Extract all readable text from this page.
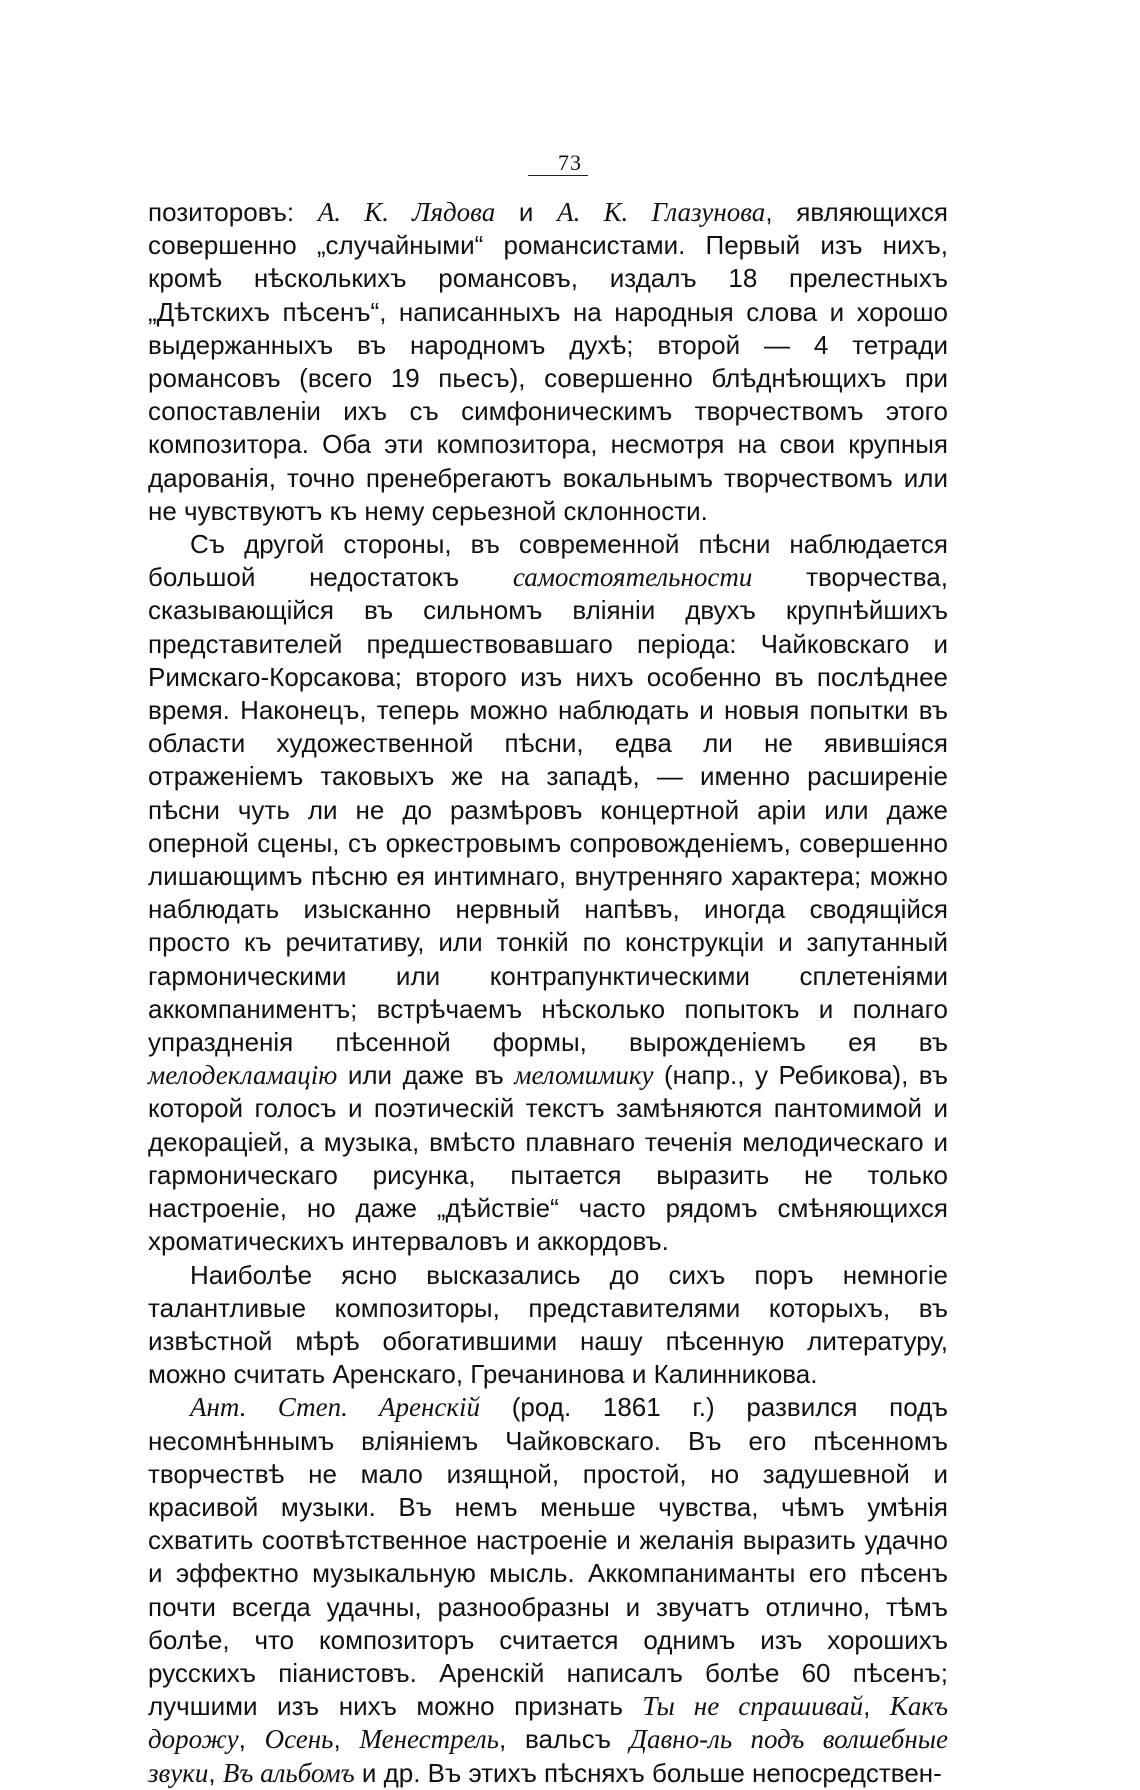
73

позиторовъ: А. К. Лядова и А. К. Глазунова, являющихся совершенно „случайными“ романсистами. Первый изъ нихъ, кромѣ нѣсколькихъ романсовъ, издалъ 18 прелестныхъ „Дѣтскихъ пѣсенъ“, написанныхъ на народныя слова и хорошо выдержанныхъ въ народномъ духѣ; второй — 4 тетради романсовъ (всего 19 пьесъ), совершенно блѣднѣющихъ при сопоставленіи ихъ съ симфоническимъ творчествомъ этого композитора. Оба эти композитора, несмотря на свои крупныя дарованія, точно пренебрегаютъ вокальнымъ творчествомъ или не чувствуютъ къ нему серьезной склонности.

Съ другой стороны, въ современной пѣсни наблюдается большой недостатокъ самостоятельности творчества, сказывающійся въ сильномъ вліяніи двухъ крупнѣйшихъ представителей предшествовавшаго періода: Чайковскаго и Римскаго-Корсакова; второго изъ нихъ особенно въ послѣднее время. Наконецъ, теперь можно наблюдать и новыя попытки въ области художественной пѣсни, едва ли не явившіяся отраженіемъ таковыхъ же на западѣ, — именно расширеніе пѣсни чуть ли не до размѣровъ концертной аріи или даже оперной сцены, съ оркестровымъ сопровожденіемъ, совершенно лишающимъ пѣсню ея интимнаго, внутренняго характера; можно наблюдать изысканно нервный напѣвъ, иногда сводящійся просто къ речитативу, или тонкій по конструкціи и запутанный гармоническими или контрапунктическими сплетеніями аккомпаниментъ; встрѣчаемъ нѣсколько попытокъ и полнаго упраздненія пѣсенной формы, вырожденіемъ ея въ мелодекламацію или даже въ меломимику (напр., у Ребикова), въ которой голосъ и поэтическій текстъ замѣняются пантомимой и декораціей, а музыка, вмѣсто плавнаго теченія мелодическаго и гармоническаго рисунка, пытается выразить не только настроеніе, но даже „дѣйствіе“ часто рядомъ смѣняющихся хроматическихъ интерваловъ и аккордовъ.

Наиболѣе ясно высказались до сихъ поръ немногіе талантливые композиторы, представителями которыхъ, въ извѣстной мѣрѣ обогатившими нашу пѣсенную литературу, можно считать Аренскаго, Гречанинова и Калинникова.

Ант. Степ. Аренскій (род. 1861 г.) развился подъ несомнѣннымъ вліяніемъ Чайковскаго. Въ его пѣсенномъ творчествѣ не мало изящной, простой, но задушевной и красивой музыки. Въ немъ меньше чувства, чѣмъ умѣнія схватить соотвѣтственное настроеніе и желанія выразить удачно и эффектно музыкальную мысль. Аккомпаниманты его пѣсенъ почти всегда удачны, разнообразны и звучатъ отлично, тѣмъ болѣе, что композиторъ считается однимъ изъ хорошихъ русскихъ піанистовъ. Аренскій написалъ болѣе 60 пѣсенъ; лучшими изъ нихъ можно признать Ты не спрашивай, Какъ дорожу, Осень, Менестрель, вальсъ Давно-ль подъ волшебные звуки, Въ альбомъ и др. Въ этихъ пѣсняхъ больше непосредствен-
